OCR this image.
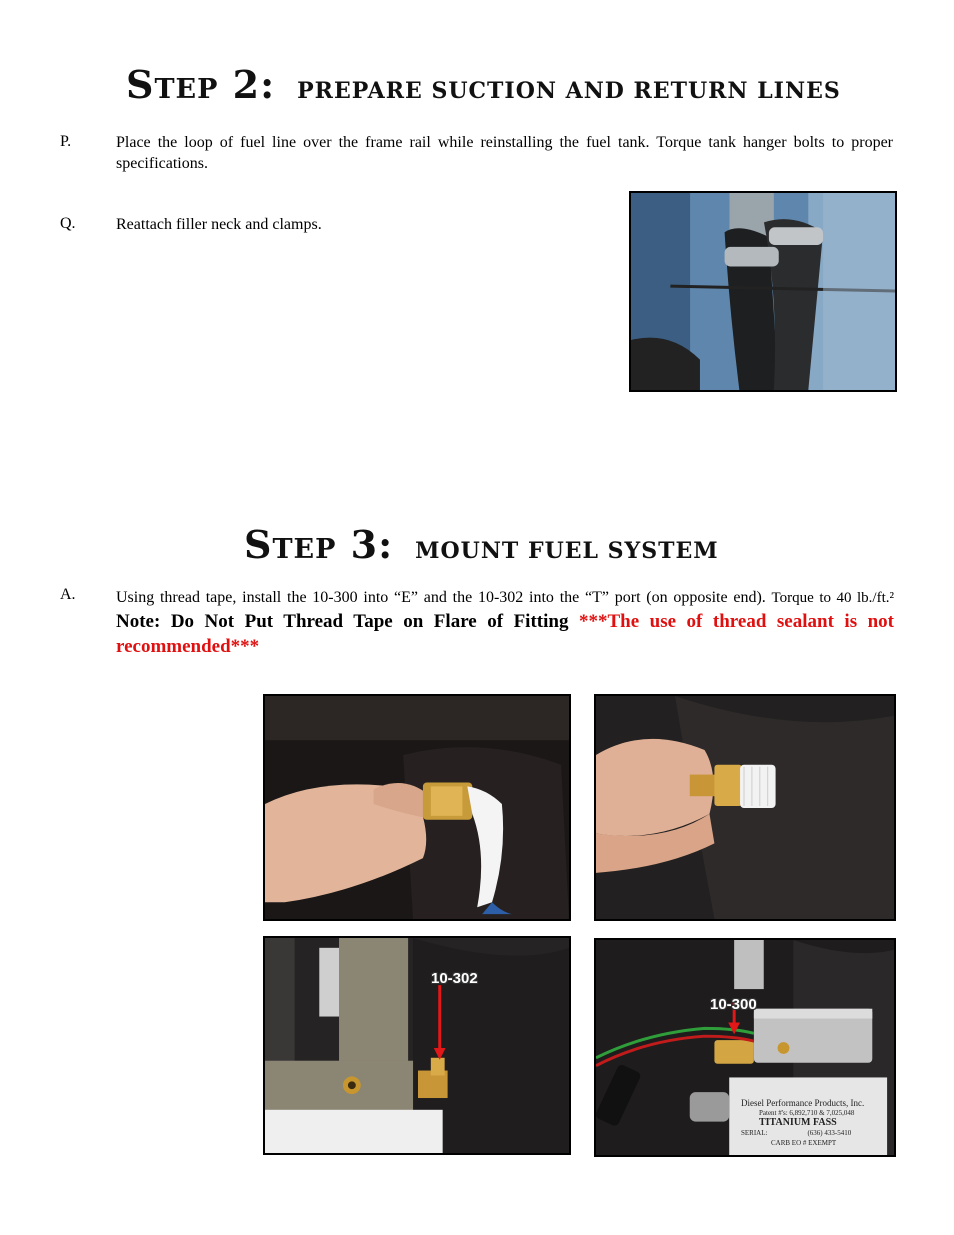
Step 2: PREPARE SUCTION AND RETURN LINES
P.	Place the loop of fuel line over the frame rail while reinstalling the fuel tank. Torque tank hanger bolts to proper specifications.
Q.	Reattach filler neck and clamps.
Step 3: MOUNT FUEL SYSTEM
A.	Using thread tape, install the 10-300 into “E” and the 10-302 into the “T” port (on opposite end). Torque to 40 lb./ft.² Note: Do Not Put Thread Tape on Flare of Fitting ***The use of thread sealant is not recommended***
10-302
10-300
Diesel Performance Products, Inc.
Patent #'s: 6,892,710 & 7,025,048
TITANIUM FASS
SERIAL:	(636) 433-5410
CARB EO # EXEMPT
